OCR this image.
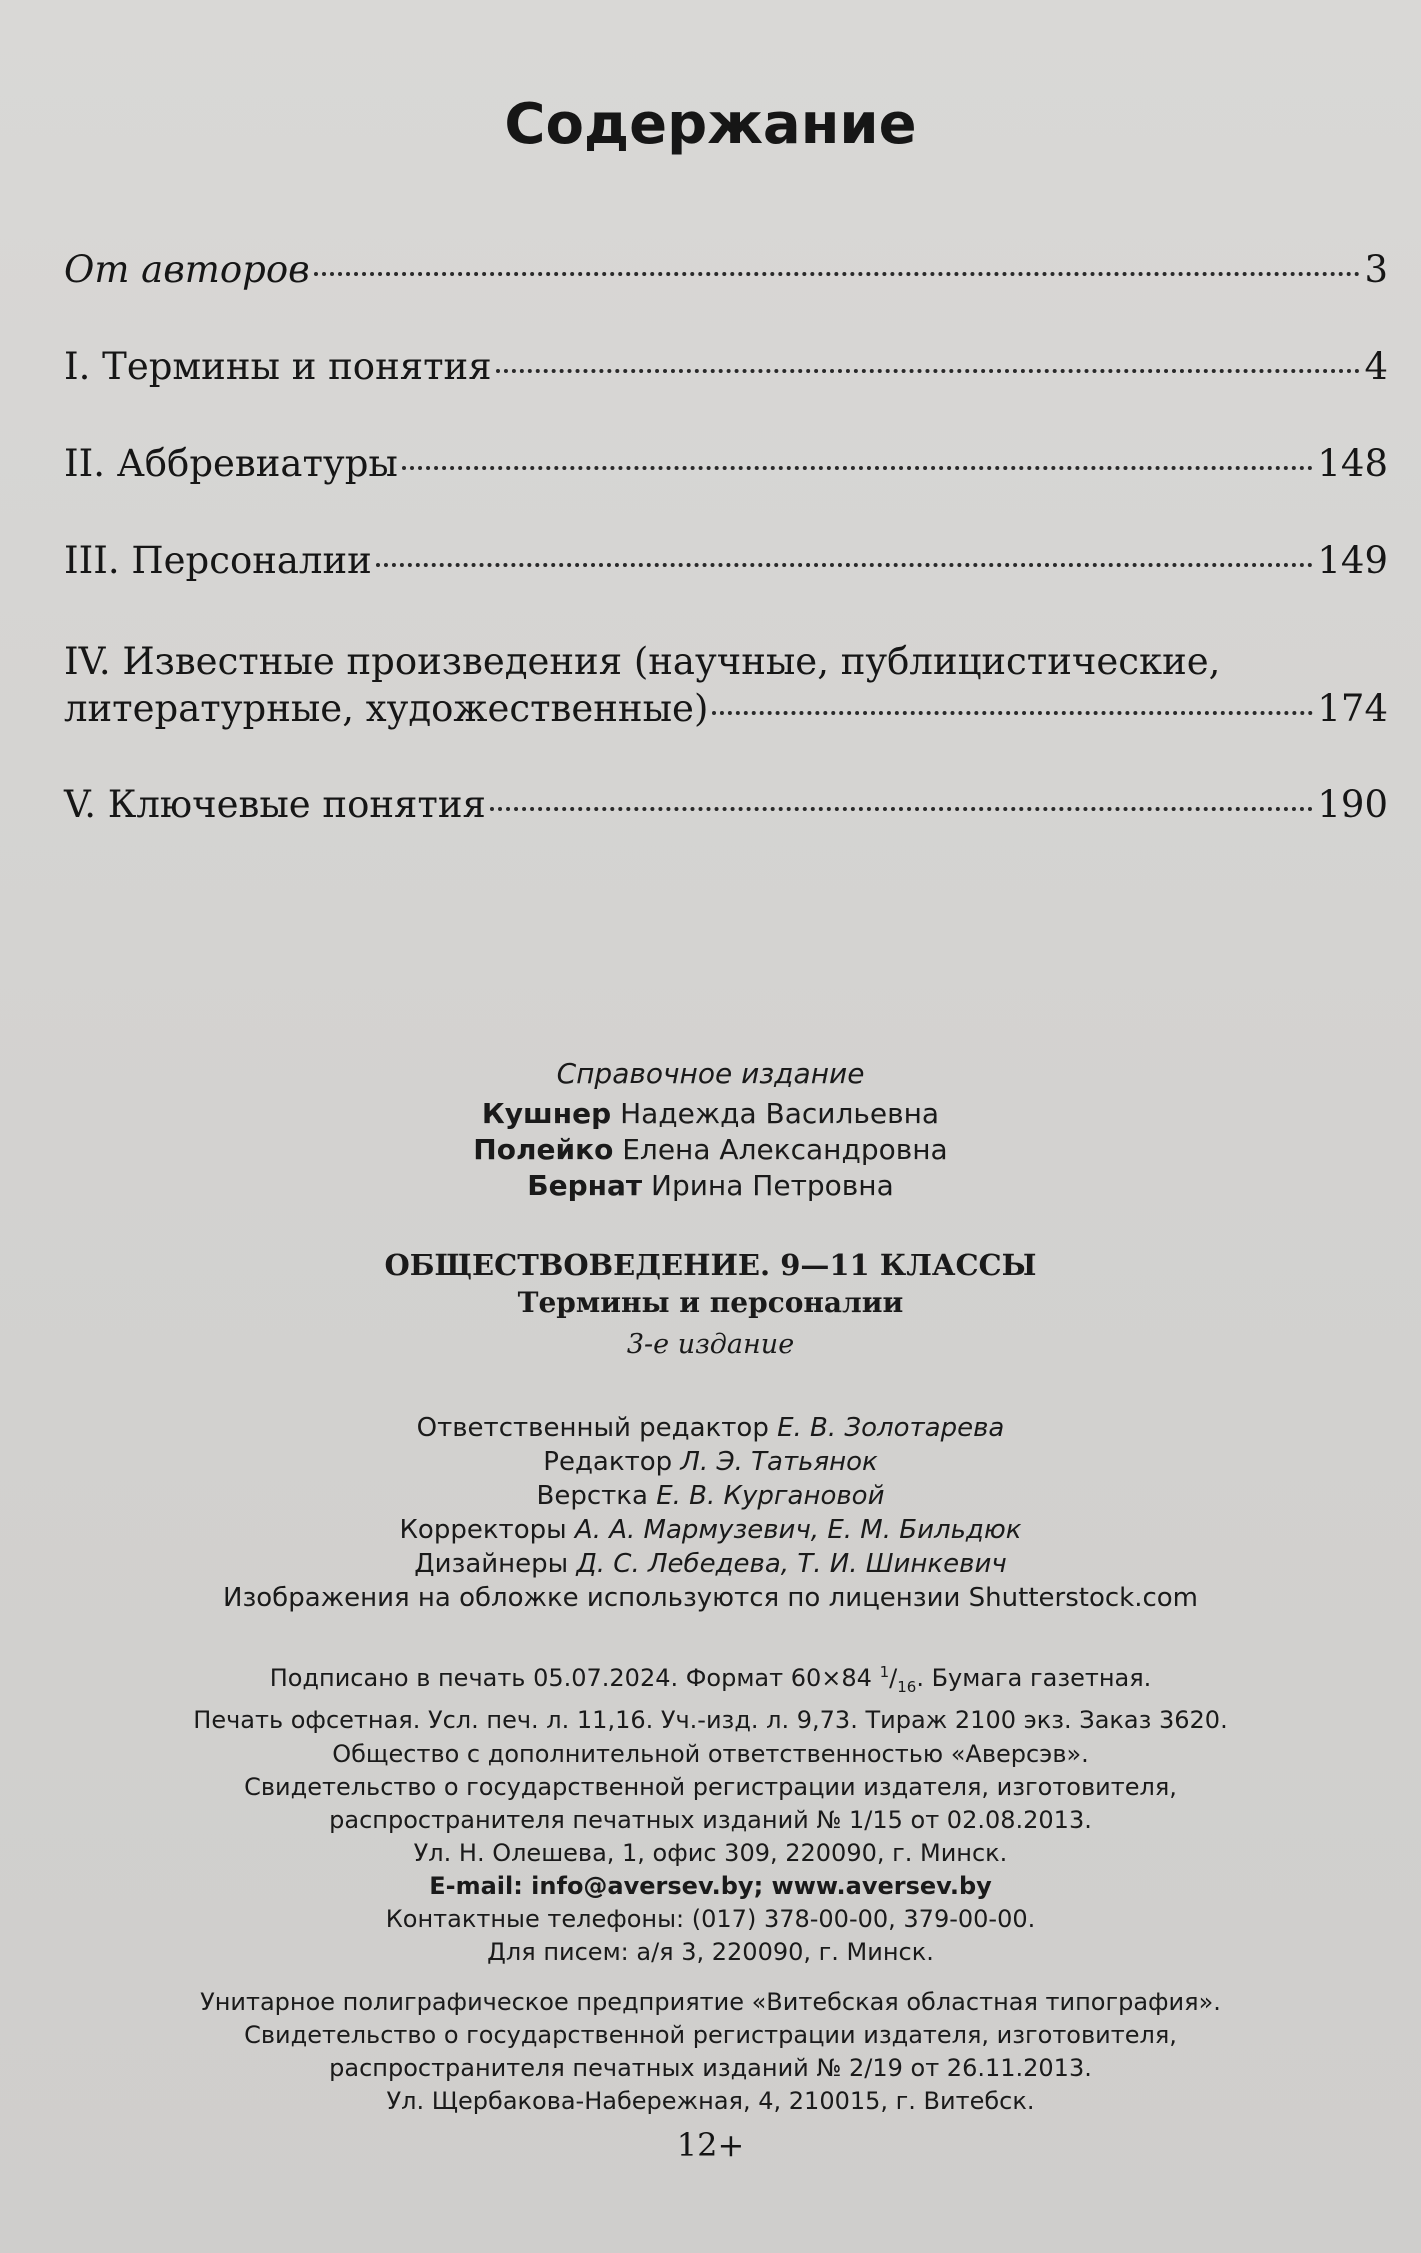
Содержание
От авторов	3
I. Термины и понятия	4
II. Аббревиатуры	148
III. Персоналии	149
IV. Известные произведения (научные, публицистические,
литературные, художественные)	174
V. Ключевые понятия	190
Справочное издание
Кушнер Надежда Васильевна
Полейко Елена Александровна
Бернат Ирина Петровна
ОБЩЕСТВОВЕДЕНИЕ. 9—11 КЛАССЫ
Термины и персоналии
3-е издание
Ответственный редактор Е. В. Золотарева
Редактор Л. Э. Татьянок
Верстка Е. В. Кургановой
Корректоры А. А. Мармузевич, Е. М. Бильдюк
Дизайнеры Д. С. Лебедева, Т. И. Шинкевич
Изображения на обложке используются по лицензии Shutterstock.com
Подписано в печать 05.07.2024. Формат 60×84 $^1/_{16}$. Бумага газетная.
Печать офсетная. Усл. печ. л. 11,16. Уч.-изд. л. 9,73. Тираж 2100 экз. Заказ 3620.
Общество с дополнительной ответственностью «Аверсэв».
Свидетельство о государственной регистрации издателя, изготовителя,
распространителя печатных изданий № 1/15 от 02.08.2013.
Ул. Н. Олешева, 1, офис 309, 220090, г. Минск.
E-mail: info@aversev.by; www.aversev.by
Контактные телефоны: (017) 378-00-00, 379-00-00.
Для писем: а/я 3, 220090, г. Минск.
Унитарное полиграфическое предприятие «Витебская областная типография».
Свидетельство о государственной регистрации издателя, изготовителя,
распространителя печатных изданий № 2/19 от 26.11.2013.
Ул. Щербакова-Набережная, 4, 210015, г. Витебск.
12+
